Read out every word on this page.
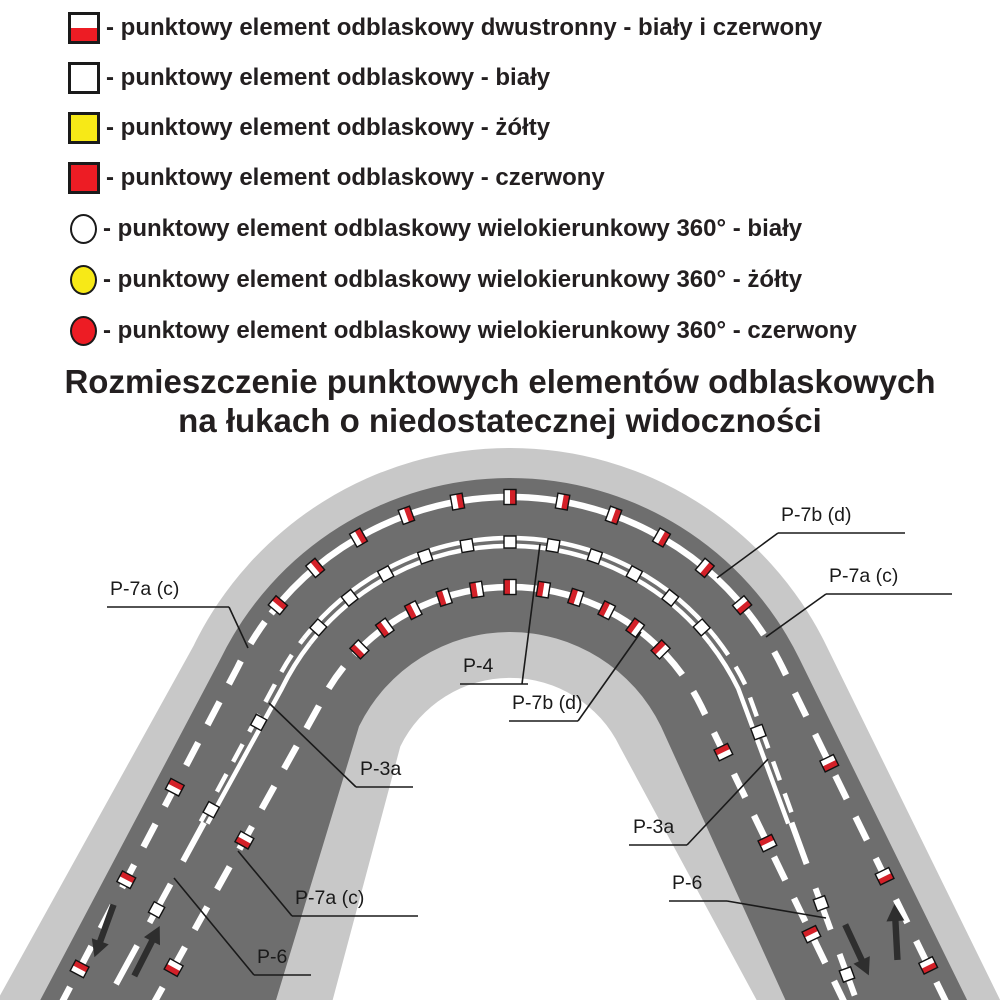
P-7b (d)
P-7a (c)
P-7a (c)
P-4
P-7b (d)
P-3a
P-3a
P-7a (c)
P-6
P-6
- punktowy element odblaskowy dwustronny - biały i czerwony
- punktowy element odblaskowy - biały
- punktowy element odblaskowy - żółty
- punktowy element odblaskowy - czerwony
- punktowy element odblaskowy wielokierunkowy 360° - biały
- punktowy element odblaskowy wielokierunkowy 360° - żółty
- punktowy element odblaskowy wielokierunkowy 360° - czerwony
Rozmieszczenie punktowych elementów odblaskowych
na łukach o niedostatecznej widoczności
